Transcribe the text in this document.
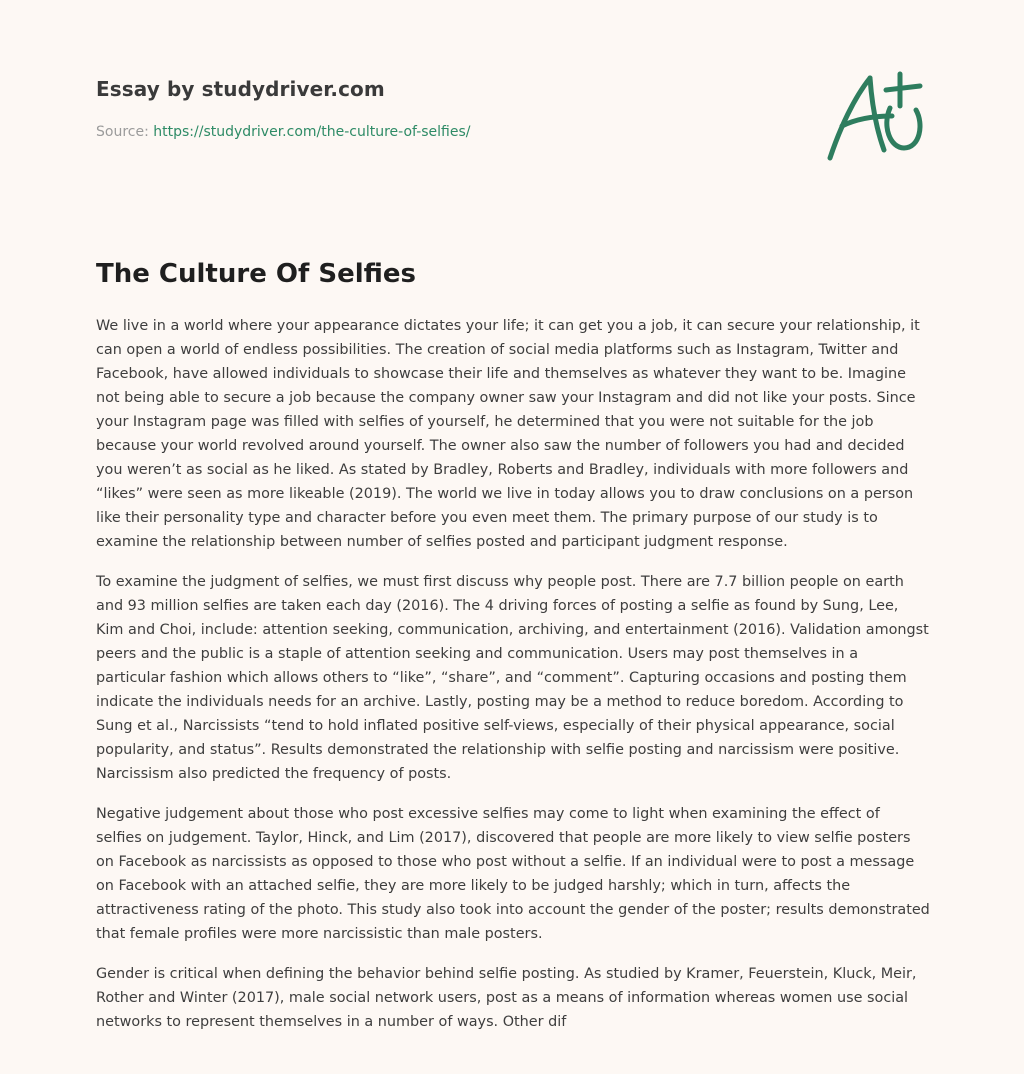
Essay by studydriver.com
Source: https://studydriver.com/the-culture-of-selfies/
The Culture Of Selfies

We live in a world where your appearance dictates your life; it can get you a job, it can secure your relationship, it can open a world of endless possibilities. The creation of social media platforms such as Instagram, Twitter and Facebook, have allowed individuals to showcase their life and themselves as whatever they want to be. Imagine not being able to secure a job because the company owner saw your Instagram and did not like your posts. Since your Instagram page was filled with selfies of yourself, he determined that you were not suitable for the job because your world revolved around yourself. The owner also saw the number of followers you had and decided you weren’t as social as he liked. As stated by Bradley, Roberts and Bradley, individuals with more followers and “likes” were seen as more likeable (2019). The world we live in today allows you to draw conclusions on a person like their personality type and character before you even meet them. The primary purpose of our study is to examine the relationship between number of selfies posted and participant judgment response.

To examine the judgment of selfies, we must first discuss why people post. There are 7.7 billion people on earth and 93 million selfies are taken each day (2016). The 4 driving forces of posting a selfie as found by Sung, Lee, Kim and Choi, include: attention seeking, communication, archiving, and entertainment (2016). Validation amongst peers and the public is a staple of attention seeking and communication. Users may post themselves in a particular fashion which allows others to “like”, “share”, and “comment”. Capturing occasions and posting them indicate the individuals needs for an archive. Lastly, posting may be a method to reduce boredom. According to Sung et al., Narcissists “tend to hold inflated positive self-views, especially of their physical appearance, social popularity, and status”. Results demonstrated the relationship with selfie posting and narcissism were positive. Narcissism also predicted the frequency of posts.

Negative judgement about those who post excessive selfies may come to light when examining the effect of selfies on judgement. Taylor, Hinck, and Lim (2017), discovered that people are more likely to view selfie posters on Facebook as narcissists as opposed to those who post without a selfie. If an individual were to post a message on Facebook with an attached selfie, they are more likely to be judged harshly; which in turn, affects the attractiveness rating of the photo. This study also took into account the gender of the poster; results demonstrated that female profiles were more narcissistic than male posters.

Gender is critical when defining the behavior behind selfie posting. As studied by Kramer, Feuerstein, Kluck, Meir, Rother and Winter (2017), male social network users, post as a means of information whereas women use social networks to represent themselves in a number of ways. Other dif
